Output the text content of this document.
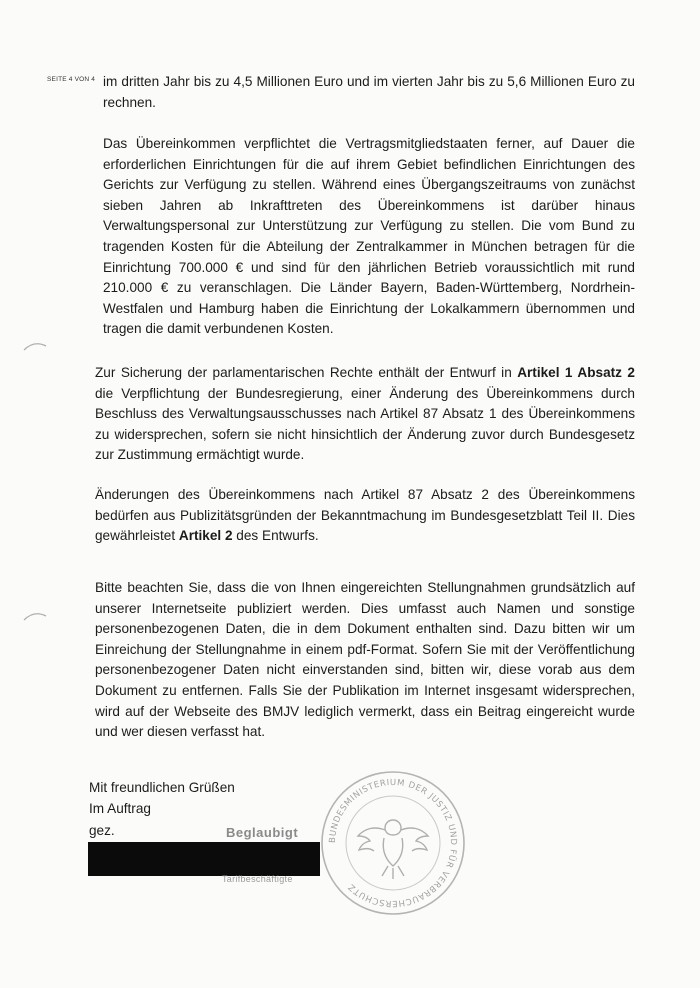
SEITE 4 VON 4 im dritten Jahr bis zu 4,5 Millionen Euro und im vierten Jahr bis zu 5,6 Millionen Euro zu rechnen.
Das Übereinkommen verpflichtet die Vertragsmitgliedstaaten ferner, auf Dauer die erforderlichen Einrichtungen für die auf ihrem Gebiet befindlichen Einrichtungen des Gerichts zur Verfügung zu stellen. Während eines Übergangszeitraums von zunächst sieben Jahren ab Inkrafttreten des Übereinkommens ist darüber hinaus Verwaltungspersonal zur Unterstützung zur Verfügung zu stellen. Die vom Bund zu tragenden Kosten für die Abteilung der Zentralkammer in München betragen für die Einrichtung 700.000 € und sind für den jährlichen Betrieb voraussichtlich mit rund 210.000 € zu veranschlagen. Die Länder Bayern, Baden-Württemberg, Nordrhein-Westfalen und Hamburg haben die Einrichtung der Lokalkammern übernommen und tragen die damit verbundenen Kosten.
Zur Sicherung der parlamentarischen Rechte enthält der Entwurf in Artikel 1 Absatz 2 die Verpflichtung der Bundesregierung, einer Änderung des Übereinkommens durch Beschluss des Verwaltungsausschusses nach Artikel 87 Absatz 1 des Übereinkommens zu widersprechen, sofern sie nicht hinsichtlich der Änderung zuvor durch Bundesgesetz zur Zustimmung ermächtigt wurde.
Änderungen des Übereinkommens nach Artikel 87 Absatz 2 des Übereinkommens bedürfen aus Publizitätsgründen der Bekanntmachung im Bundesgesetzblatt Teil II. Dies gewährleistet Artikel 2 des Entwurfs.
Bitte beachten Sie, dass die von Ihnen eingereichten Stellungnahmen grundsätzlich auf unserer Internetseite publiziert werden. Dies umfasst auch Namen und sonstige personenbezogenen Daten, die in dem Dokument enthalten sind. Dazu bitten wir um Einreichung der Stellungnahme in einem pdf-Format. Sofern Sie mit der Veröffentlichung personenbezogener Daten nicht einverstanden sind, bitten wir, diese vorab aus dem Dokument zu entfernen. Falls Sie der Publikation im Internet insgesamt widersprechen, wird auf der Webseite des BMJV lediglich vermerkt, dass ein Beitrag eingereicht wurde und wer diesen verfasst hat.
Mit freundlichen Grüßen
Im Auftrag
gez.	Beglaubigt
Tarifbeschäftigte
BUNDESMINISTERIUM DER JUSTIZ UND FÜR VERBRAUCHERSCHUTZ
